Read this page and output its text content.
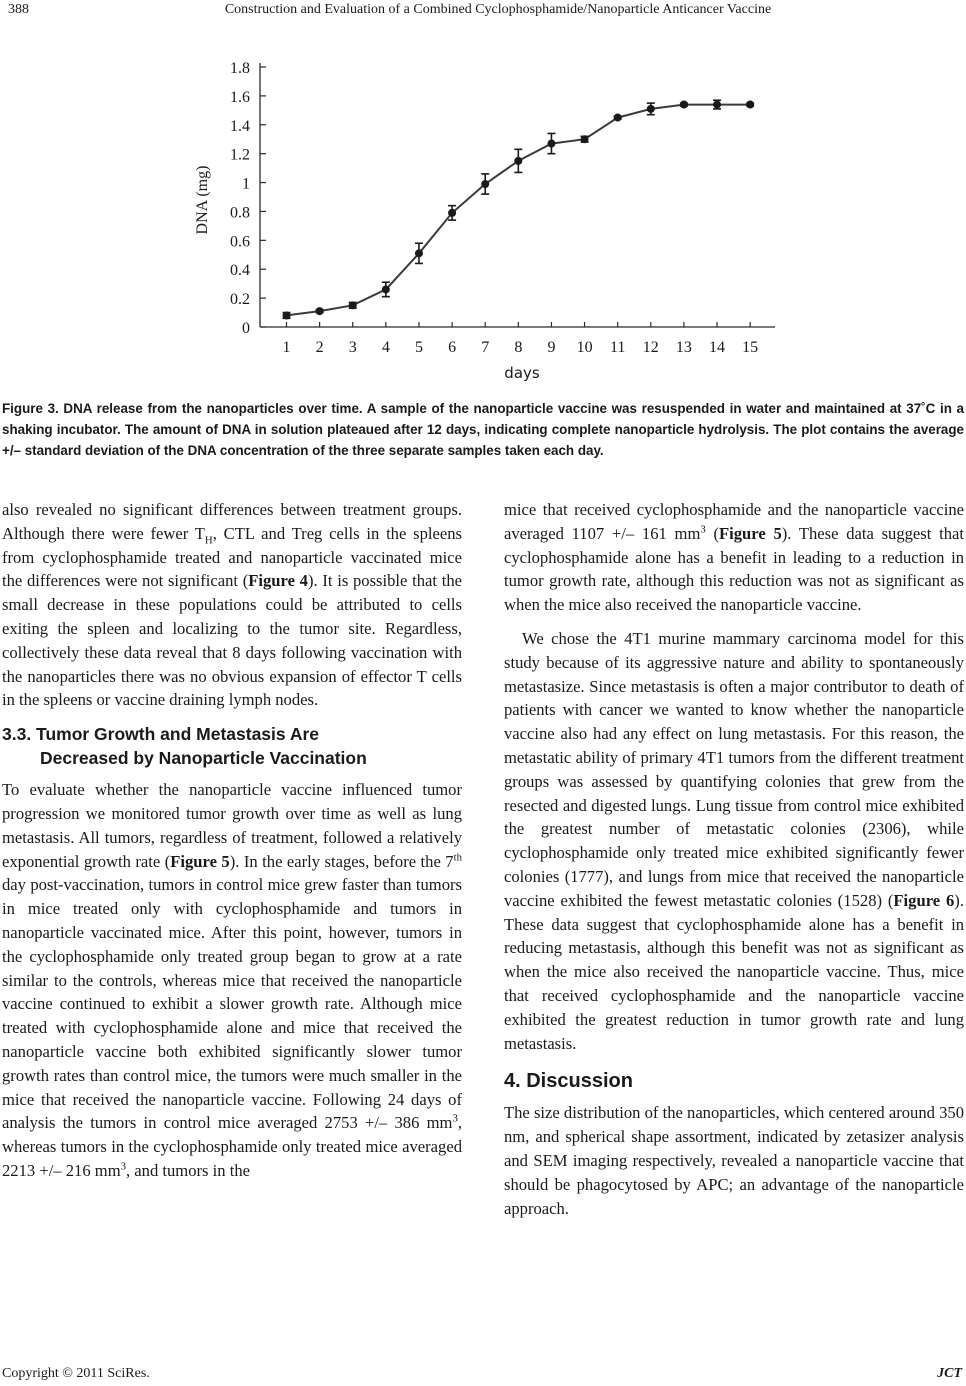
388	Construction and Evaluation of a Combined Cyclophosphamide/Nanoparticle Anticancer Vaccine
DNA (mg)
days
0
0.2
0.4
0.6
0.8
1
1.2
1.4
1.6
1.8
1 2 3 4 5 6 7 8 9 10 11 12 13 14 15
Figure 3. DNA release from the nanoparticles over time. A sample of the nanoparticle vaccine was resuspended in water and maintained at 37˚C in a shaking incubator. The amount of DNA in solution plateaued after 12 days, indicating complete nanoparticle hydrolysis. The plot contains the average +/– standard deviation of the DNA concentration of the three separate samples taken each day.

also revealed no significant differences between treatment groups. Although there were fewer $T_H$, CTL and Treg cells in the spleens from cyclophosphamide treated and nanoparticle vaccinated mice the differences were not significant (Figure 4). It is possible that the small decrease in these populations could be attributed to cells exiting the spleen and localizing to the tumor site. Regardless, collectively these data reveal that 8 days following vaccination with the nanoparticles there was no obvious expansion of effector T cells in the spleens or vaccine draining lymph nodes.

3.3. Tumor Growth and Metastasis Are
Decreased by Nanoparticle Vaccination

To evaluate whether the nanoparticle vaccine influenced tumor progression we monitored tumor growth over time as well as lung metastasis. All tumors, regardless of treatment, followed a relatively exponential growth rate (Figure 5). In the early stages, before the 7th day post-vaccination, tumors in control mice grew faster than tumors in mice treated only with cyclophosphamide and tumors in nanoparticle vaccinated mice. After this point, however, tumors in the cyclophosphamide only treated group began to grow at a rate similar to the controls, whereas mice that received the nanoparticle vaccine continued to exhibit a slower growth rate. Although mice treated with cyclophosphamide alone and mice that received the nanoparticle vaccine both exhibited significantly slower tumor growth rates than control mice, the tumors were much smaller in the mice that received the nanoparticle vaccine. Following 24 days of analysis the tumors in control mice averaged 2753 +/– 386 $mm^3$, whereas tumors in the cyclophosphamide only treated mice averaged 2213 +/– 216 $mm^3$, and tumors in the

mice that received cyclophosphamide and the nanoparticle vaccine averaged 1107 +/– 161 $mm^3$ (Figure 5). These data suggest that cyclophosphamide alone has a benefit in leading to a reduction in tumor growth rate, although this reduction was not as significant as when the mice also received the nanoparticle vaccine.

We chose the 4T1 murine mammary carcinoma model for this study because of its aggressive nature and ability to spontaneously metastasize. Since metastasis is often a major contributor to death of patients with cancer we wanted to know whether the nanoparticle vaccine also had any effect on lung metastasis. For this reason, the metastatic ability of primary 4T1 tumors from the different treatment groups was assessed by quantifying colonies that grew from the resected and digested lungs. Lung tissue from control mice exhibited the greatest number of metastatic colonies (2306), while cyclophosphamide only treated mice exhibited significantly fewer colonies (1777), and lungs from mice that received the nanoparticle vaccine exhibited the fewest metastatic colonies (1528) (Figure 6). These data suggest that cyclophosphamide alone has a benefit in reducing metastasis, although this benefit was not as significant as when the mice also received the nanoparticle vaccine. Thus, mice that received cyclophosphamide and the nanoparticle vaccine exhibited the greatest reduction in tumor growth rate and lung metastasis.

4. Discussion

The size distribution of the nanoparticles, which centered around 350 nm, and spherical shape assortment, indicated by zetasizer analysis and SEM imaging respectively, revealed a nanoparticle vaccine that should be phagocytosed by APC; an advantage of the nanoparticle approach.

Copyright © 2011 SciRes.	JCT
